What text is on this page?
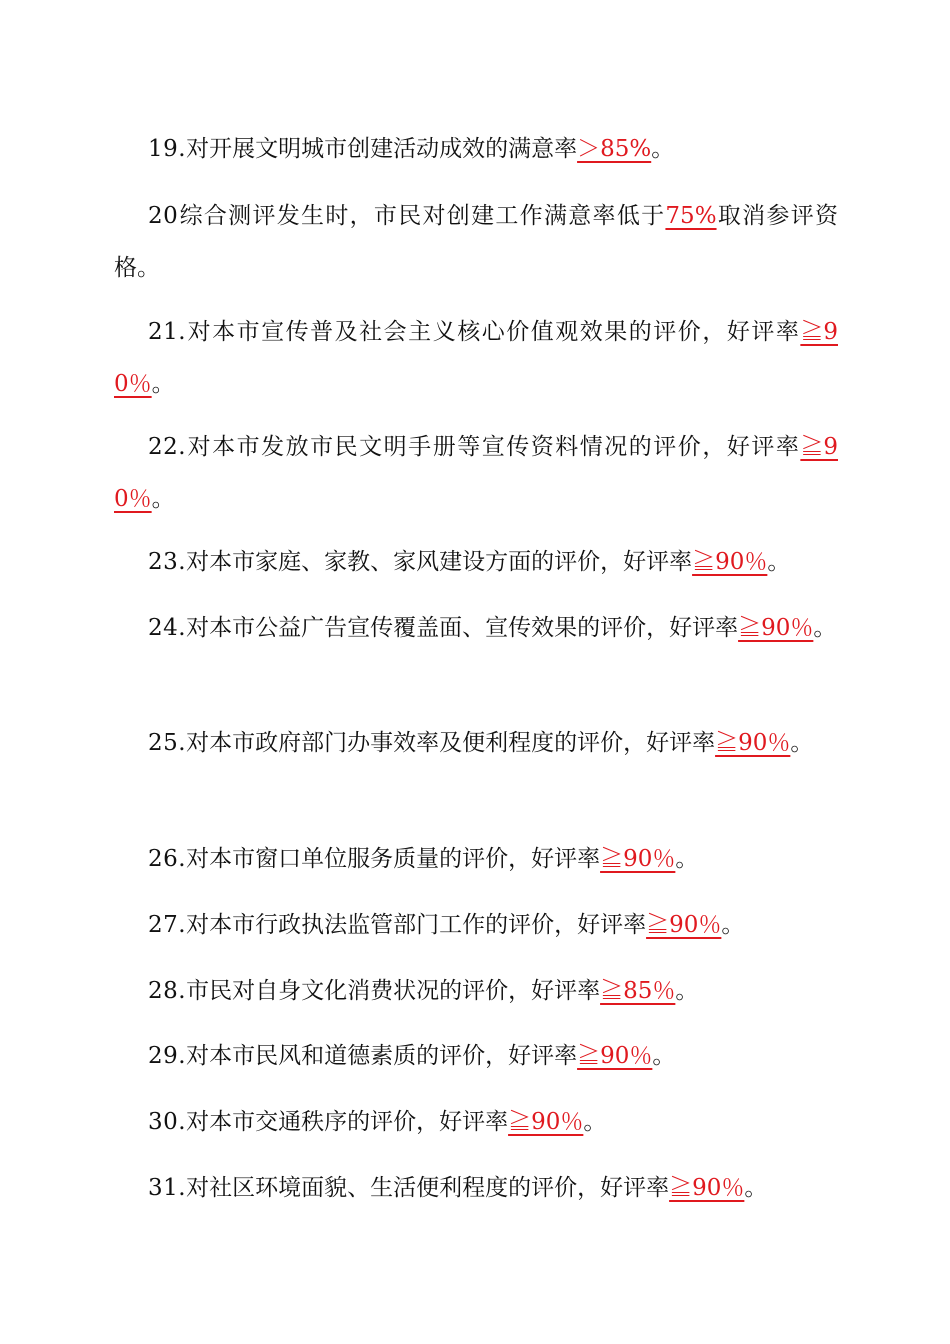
19.对开展文明城市创建活动成效的满意率＞85%。

20综合测评发生时，市民对创建工作满意率低于75%取消参评资格。

21.对本市宣传普及社会主义核心价值观效果的评价，好评率≧90％。

22.对本市发放市民文明手册等宣传资料情况的评价，好评率≧90％。

23.对本市家庭、家教、家风建设方面的评价，好评率≧90％。

24.对本市公益广告宣传覆盖面、宣传效果的评价，好评率≧90％。

25.对本市政府部门办事效率及便利程度的评价，好评率≧90％。

26.对本市窗口单位服务质量的评价，好评率≧90％。

27.对本市行政执法监管部门工作的评价，好评率≧90％。

28.市民对自身文化消费状况的评价，好评率≧85％。

29.对本市民风和道德素质的评价，好评率≧90％。

30.对本市交通秩序的评价，好评率≧90％。

31.对社区环境面貌、生活便利程度的评价，好评率≧90％。
